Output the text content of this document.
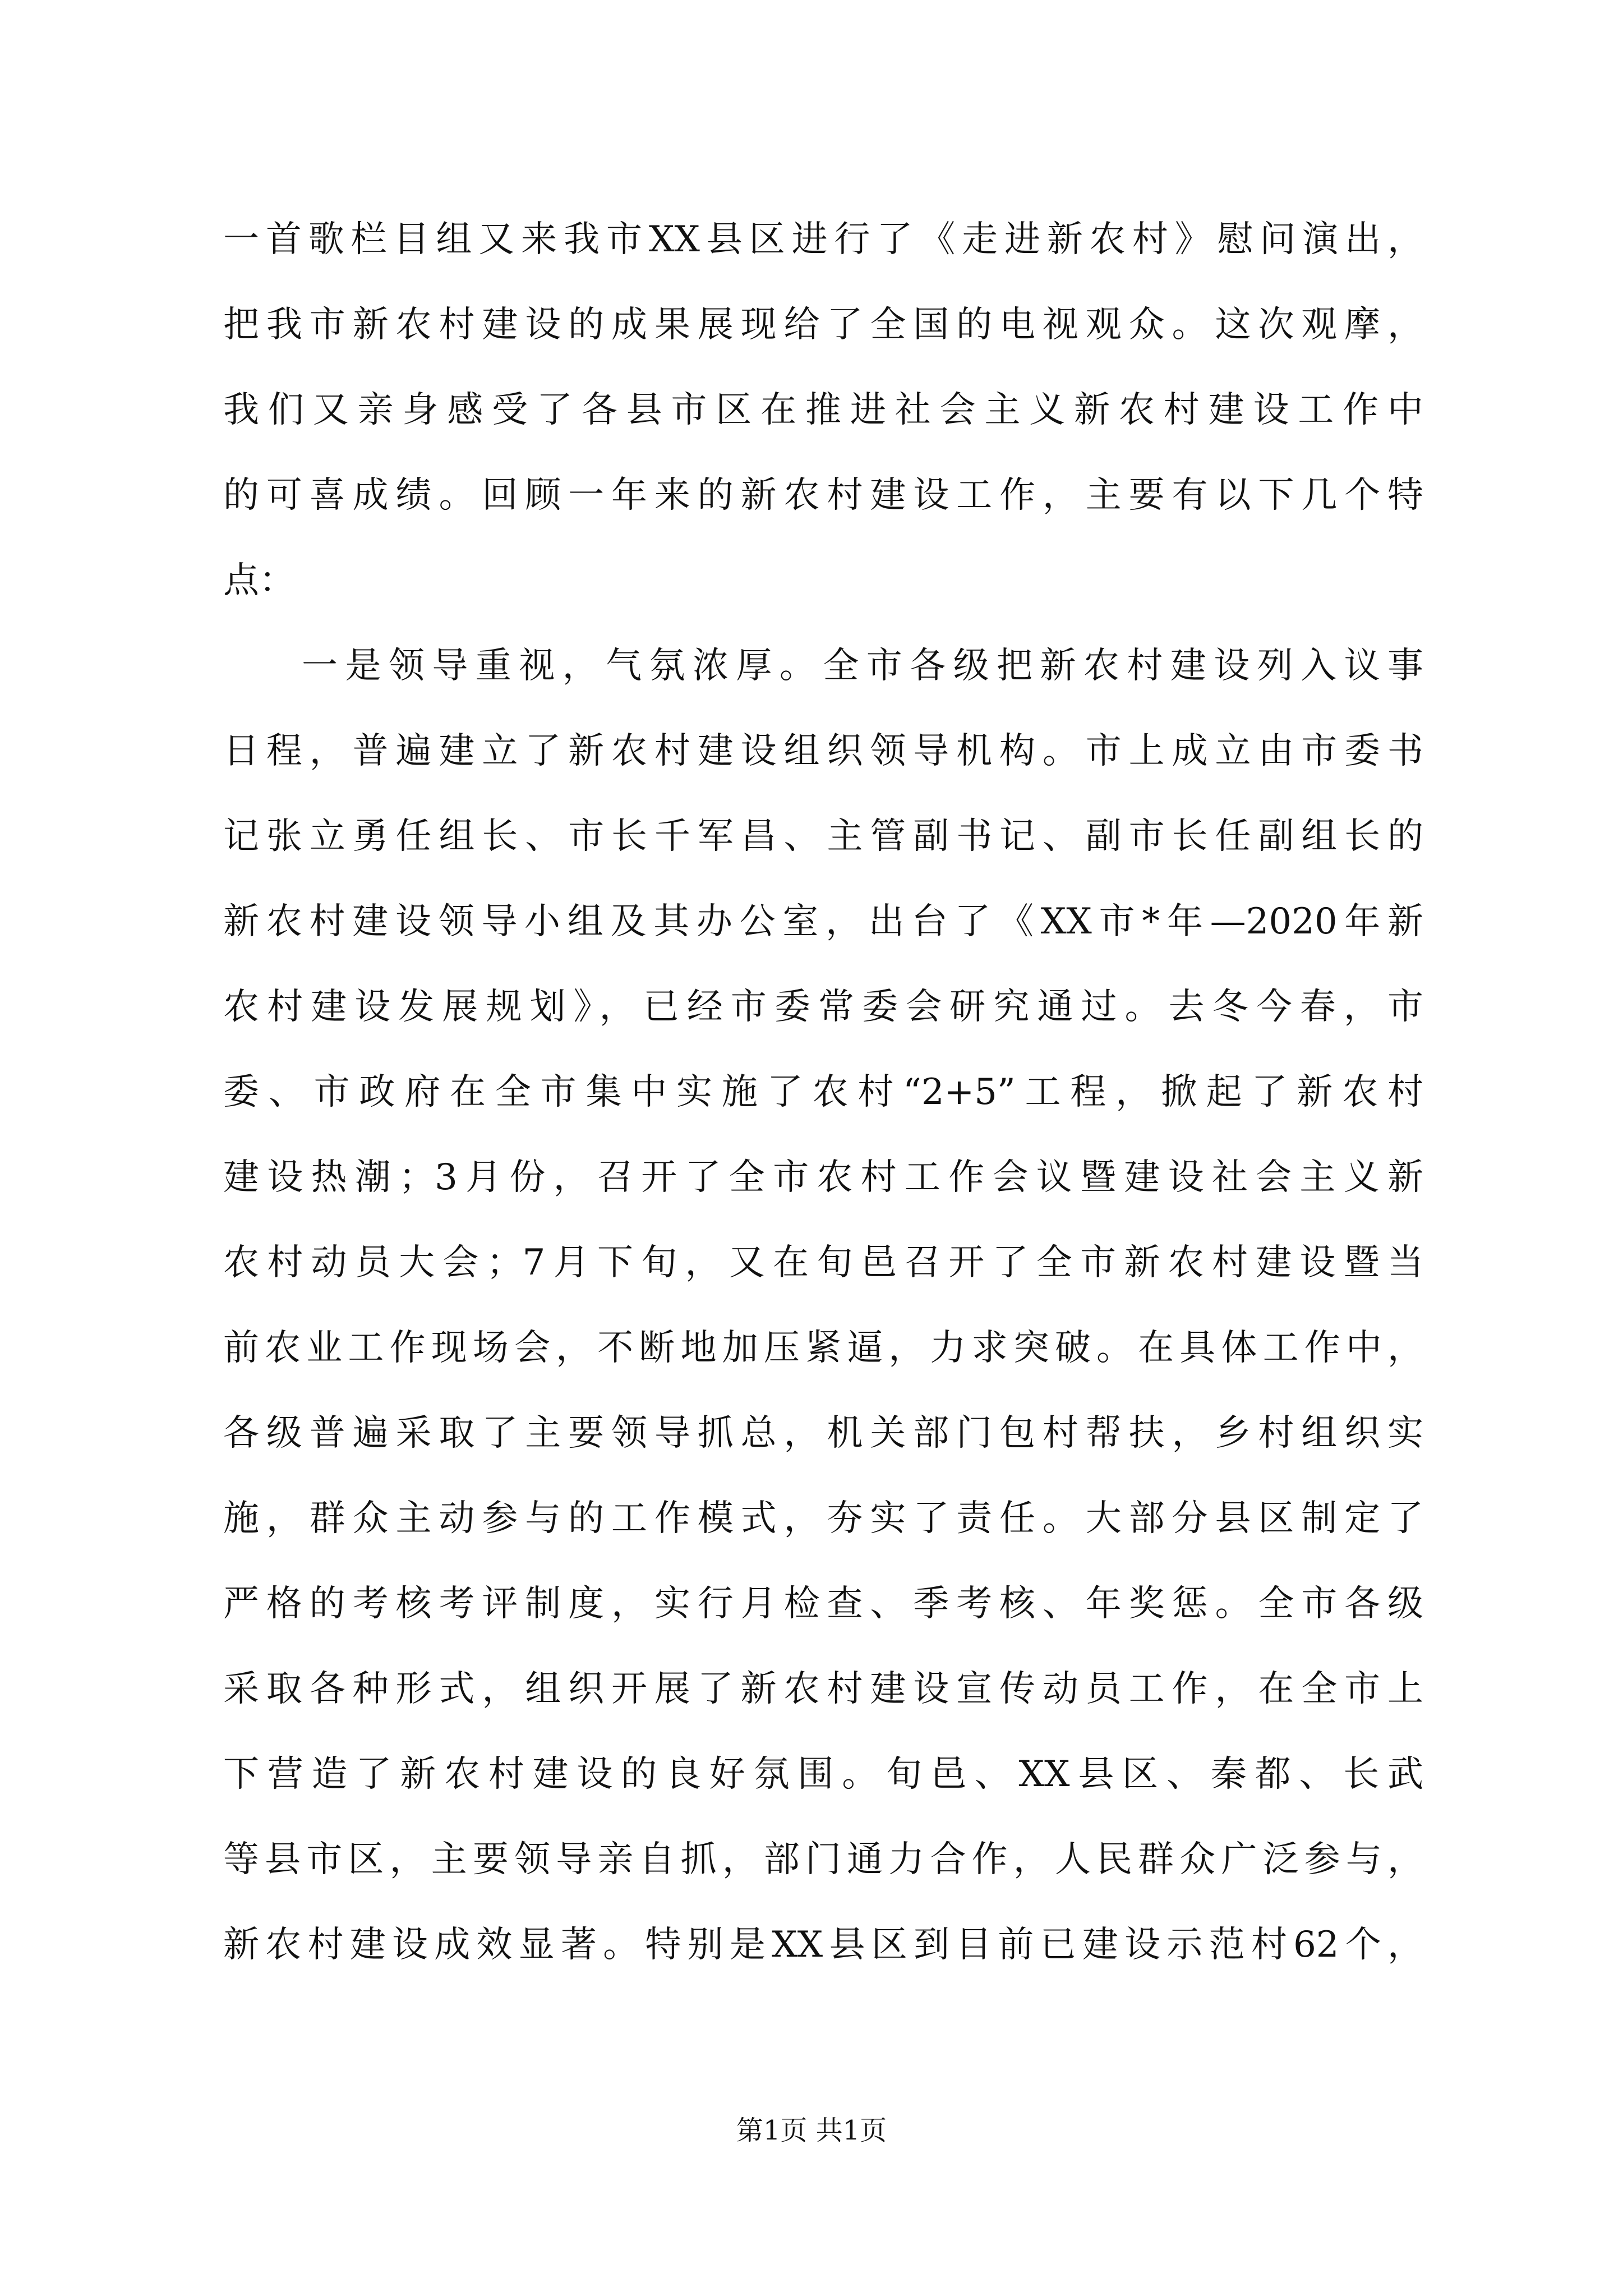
一首歌栏目组又来我市XX县区进行了《走进新农村》慰问演出，
把我市新农村建设的成果展现给了全国的电视观众。这次观摩，
我们又亲身感受了各县市区在推进社会主义新农村建设工作中
的可喜成绩。回顾一年来的新农村建设工作，主要有以下几个特
点：
一是领导重视，气氛浓厚。全市各级把新农村建设列入议事
日程，普遍建立了新农村建设组织领导机构。市上成立由市委书
记张立勇任组长、市长千军昌、主管副书记、副市长任副组长的
新农村建设领导小组及其办公室，出台了《XX市*年—2020年新
农村建设发展规划》，已经市委常委会研究通过。去冬今春，市
委、市政府在全市集中实施了农村“2+5”工程，掀起了新农村
建设热潮；3月份，召开了全市农村工作会议暨建设社会主义新
农村动员大会；7月下旬，又在旬邑召开了全市新农村建设暨当
前农业工作现场会，不断地加压紧逼，力求突破。在具体工作中，
各级普遍采取了主要领导抓总，机关部门包村帮扶，乡村组织实
施，群众主动参与的工作模式，夯实了责任。大部分县区制定了
严格的考核考评制度，实行月检查、季考核、年奖惩。全市各级
采取各种形式，组织开展了新农村建设宣传动员工作，在全市上
下营造了新农村建设的良好氛围。旬邑、XX县区、秦都、长武
等县市区，主要领导亲自抓，部门通力合作，人民群众广泛参与，
新农村建设成效显著。特别是XX县区到目前已建设示范村62个，
第1页 共1页
